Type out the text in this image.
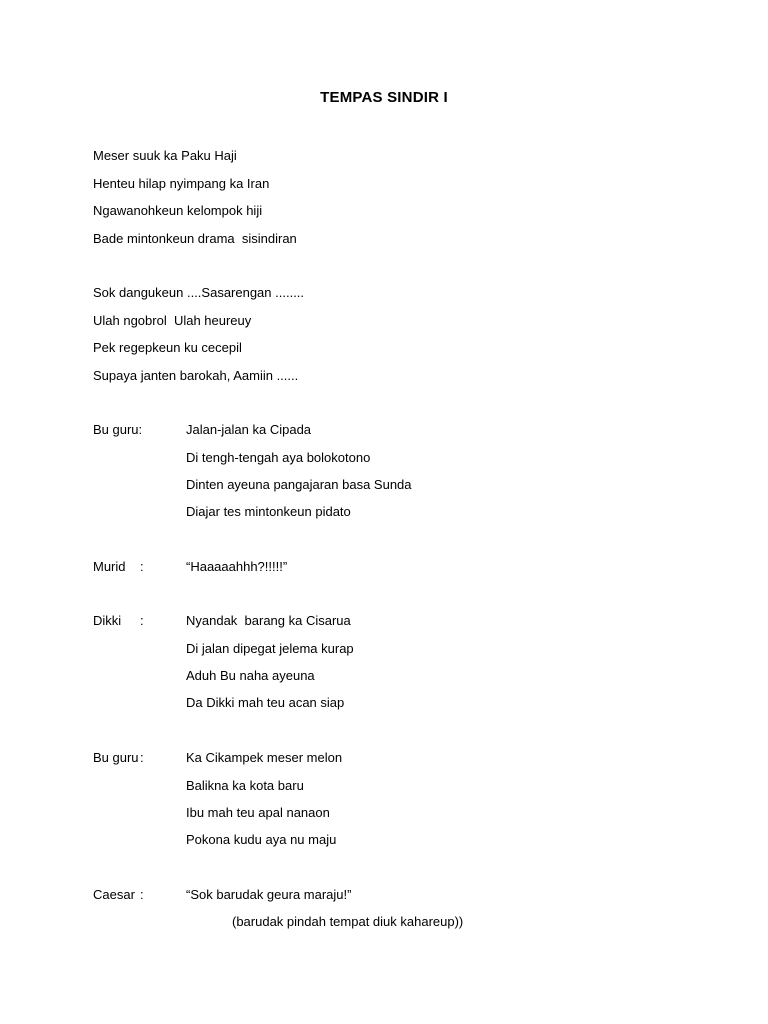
TEMPAS SINDIR I
Meser suuk ka Paku Haji
Henteu hilap nyimpang ka Iran
Ngawanohkeun kelompok hiji
Bade mintonkeun drama  sisindiran
Sok dangukeun ....Sasarengan ........
Ulah ngobrol  Ulah heureuy
Pek regepkeun ku cecepil
Supaya janten barokah, Aamiin ......
Bu guru:	Jalan-jalan ka Cipada
Di tengh-tengah aya bolokotono
Dinten ayeuna pangajaran basa Sunda
Diajar tes mintonkeun pidato
Murid :	“Haaaaahhh?!!!!!”
Dikki :	Nyandak  barang ka Cisarua
Di jalan dipegat jelema kurap
Aduh Bu naha ayeuna
Da Dikki mah teu acan siap
Bu guru :	Ka Cikampek meser melon
Balikna ka kota baru
Ibu mah teu apal nanaon
Pokona kudu aya nu maju
Caesar :	“Sok barudak geura maraju!”
(barudak pindah tempat diuk kahareup))
